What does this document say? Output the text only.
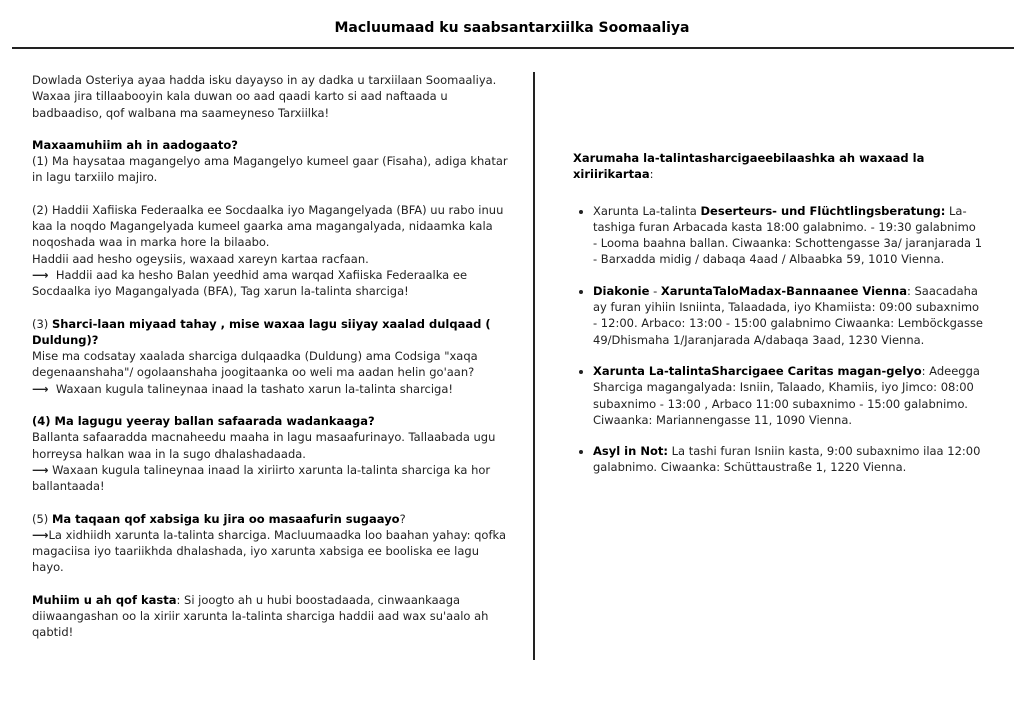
Macluumaad ku saabsantarxiilka Soomaaliya

Dowlada Osteriya ayaa hadda isku dayayso in ay dadka u tarxiilaan Soomaaliya. Waxaa jira tillaabooyin kala duwan oo aad qaadi karto si aad naftaada u badbaadiso, qof walbana ma saameyneso Tarxiilka!

Maxaamuhiim ah in aadogaato?
(1) Ma haysataa magangelyo ama Magangelyo kumeel gaar (Fisaha), adiga khatar in lagu tarxiilo majiro.

(2) Haddii Xafiiska Federaalka ee Socdaalka iyo Magangelyada (BFA) uu rabo inuu kaa la noqdo Magangelyada kumeel gaarka ama magangalyada, nidaamka kala noqoshada waa in marka hore la bilaabo.
Haddii aad hesho ogeysiis, waxaad xareyn kartaa racfaan.
⟶ Haddii aad ka hesho Balan yeedhid ama warqad Xafiiska Federaalka ee Socdaalka iyo Magangalyada (BFA), Tag xarun la-talinta sharciga!

(3) Sharci-laan miyaad tahay , mise waxaa lagu siiyay xaalad dulqaad ( Duldung)?
Mise ma codsatay xaalada sharciga dulqaadka (Duldung) ama Codsiga "xaqa degenaanshaha"/ ogolaanshaha joogitaanka oo weli ma aadan helin go'aan?
⟶ Waxaan kugula talineynaa inaad la tashato xarun la-talinta sharciga!

(4) Ma lagugu yeeray ballan safaarada wadankaaga?
Ballanta safaaradda macnaheedu maaha in lagu masaafurinayo. Tallaabada ugu horreysa halkan waa in la sugo dhalashadaada.
⟶ Waxaan kugula talineynaa inaad la xiriirto xarunta la-talinta sharciga ka hor ballantaada!

(5) Ma taqaan qof xabsiga ku jira oo masaafurin sugaayo?
⟶La xidhiidh xarunta la-talinta sharciga. Macluumaadka loo baahan yahay: qofka magaciisa iyo taariikhda dhalashada, iyo xarunta xabsiga ee booliska ee lagu hayo.

Muhiim u ah qof kasta: Si joogto ah u hubi boostadaada, cinwaankaaga diiwaangashan oo la xiriir xarunta la-talinta sharciga haddii aad wax su'aalo ah qabtid!

Xarumaha la-talintasharcigaeebilaashka ah waxaad la xiriirikartaa:

• Xarunta La-talinta Deserteurs- und Flüchtlingsberatung: La-tashiga furan Arbacada kasta 18:00 galabnimo. - 19:30 galabnimo - Looma baahna ballan. Ciwaanka: Schottengasse 3a/ jaranjarada 1 - Barxadda midig / dabaqa 4aad / Albaabka 59, 1010 Vienna.
• Diakonie - XaruntaTaloMadax-Bannaanee Vienna: Saacadaha ay furan yihiin Isniinta, Talaadada, iyo Khamiista: 09:00 subaxnimo - 12:00. Arbaco: 13:00 - 15:00 galabnimo Ciwaanka: Lemböckgasse 49/Dhismaha 1/Jaranjarada A/dabaqa 3aad, 1230 Vienna.
• Xarunta La-talintaSharcigaee Caritas magan-gelyo: Adeegga Sharciga magangalyada: Isniin, Talaado, Khamiis, iyo Jimco: 08:00 subaxnimo - 13:00 , Arbaco 11:00 subaxnimo - 15:00 galabnimo. Ciwaanka: Mariannengasse 11, 1090 Vienna.
• Asyl in Not: La tashi furan Isniin kasta, 9:00 subaxnimo ilaa 12:00 galabnimo. Ciwaanka: Schüttaustraße 1, 1220 Vienna.
